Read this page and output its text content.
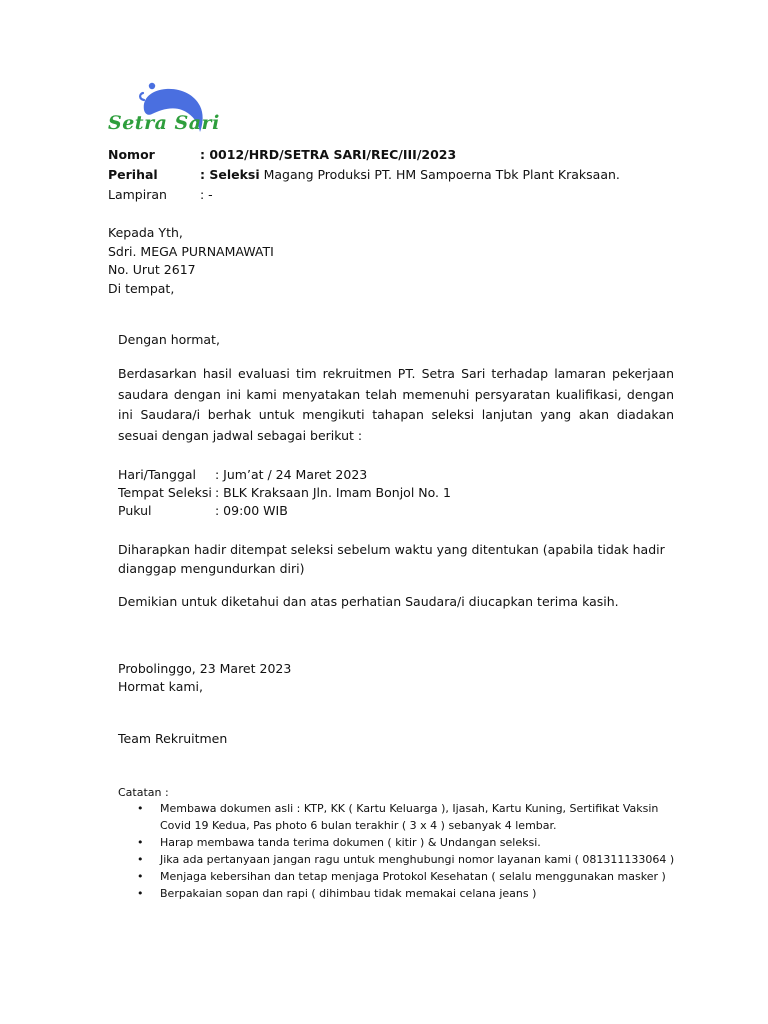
Setra Sari
Nomor	: 0012/HRD/SETRA SARI/REC/III/2023
Perihal	: Seleksi Magang Produksi PT. HM Sampoerna Tbk Plant Kraksaan.
Lampiran	: -
Kepada Yth,
Sdri. MEGA PURNAMAWATI
No. Urut 2617
Di tempat,

Dengan hormat,

Berdasarkan hasil evaluasi tim rekruitmen PT. Setra Sari terhadap lamaran pekerjaan saudara dengan ini kami menyatakan telah memenuhi persyaratan kualifikasi, dengan ini Saudara/i berhak untuk mengikuti tahapan seleksi lanjutan yang akan diadakan sesuai dengan jadwal sebagai berikut :

Hari/Tanggal : Jum’at / 24 Maret 2023
Tempat Seleksi : BLK Kraksaan Jln. Imam Bonjol No. 1
Pukul	: 09:00 WIB
Diharapkan hadir ditempat seleksi sebelum waktu yang ditentukan (apabila tidak hadir
dianggap mengundurkan diri)

Demikian untuk diketahui dan atas perhatian Saudara/i diucapkan terima kasih.

Probolinggo, 23 Maret 2023
Hormat kami,
Team Rekruitmen
Catatan :
• Membawa dokumen asli : KTP, KK ( Kartu Keluarga ), Ijasah, Kartu Kuning, Sertifikat Vaksin
Covid 19 Kedua, Pas photo 6 bulan terakhir ( 3 x 4 ) sebanyak 4 lembar.
• Harap membawa tanda terima dokumen ( kitir ) & Undangan seleksi.
• Jika ada pertanyaan jangan ragu untuk menghubungi nomor layanan kami ( 081311133064 )
• Menjaga kebersihan dan tetap menjaga Protokol Kesehatan ( selalu menggunakan masker )
• Berpakaian sopan dan rapi ( dihimbau tidak memakai celana jeans )
